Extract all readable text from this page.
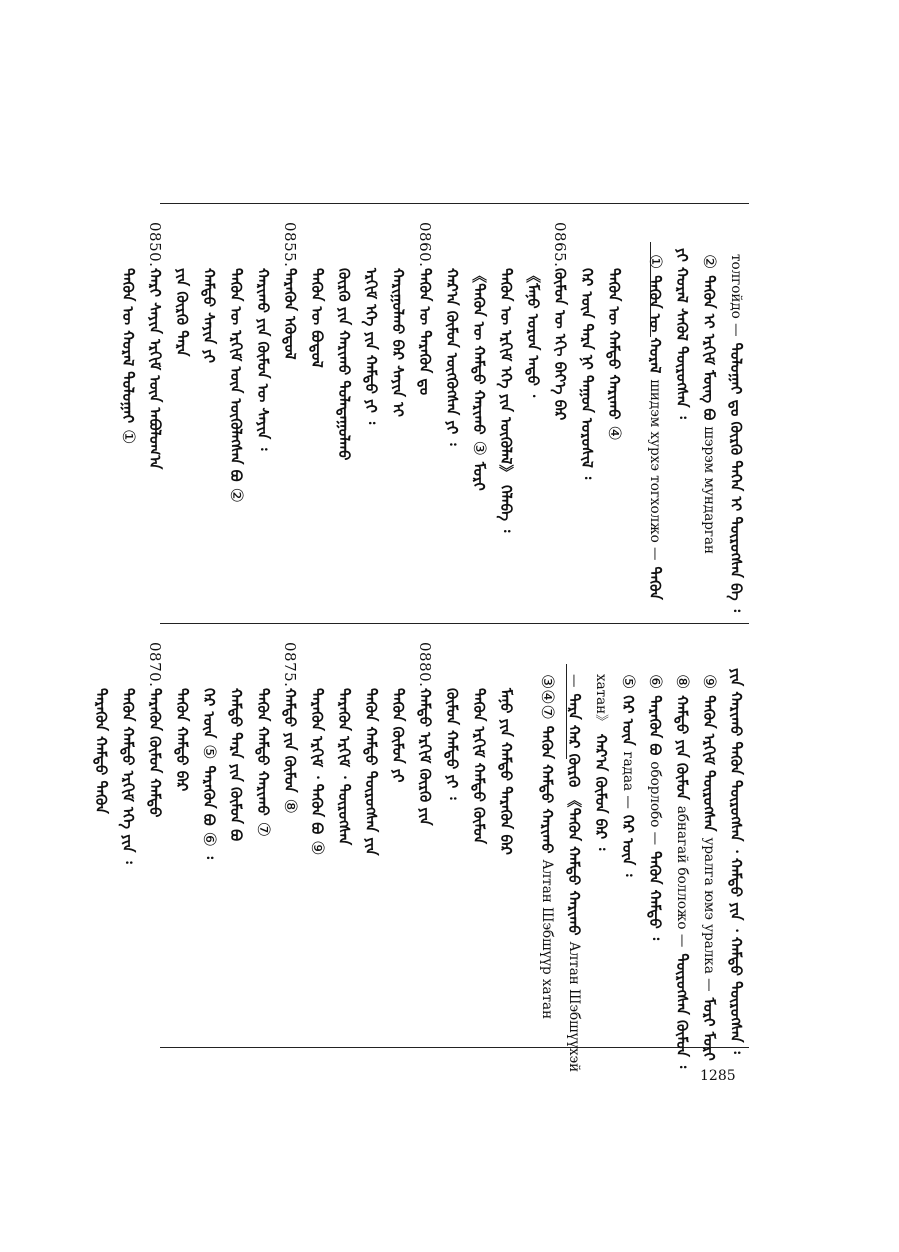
толгойдо —
ᠲᠣᠯᠣᠭᠠᠢ ᠳᠤ ᠬᠦᠷᠬᠦ ᠲᠡᠭᠡᠨ ᠢ ᠲᠦᠷᠦᠭᠰᠡᠨ ᠪᠡ ᠄
②
ᠲᠡᠭᠦᠨ ᠢ ᠡᠷᠬᠢᠮ ᠮᠥᠩ ᠪᠤ
шэрэм мундарган
ᠶᠢ ᠬᠤᠷᠠᠯ ᠰᠡᠭᠦᠯ ᠲᠦᠷᠦᠭᠰᠡᠨ ᠄
①
ᠲᠡᠭᠦᠨ ᠦ ᠬᠤᠷᠠᠯ
шидэм хурхэ тогхолжо —
ᠲᠡᠭᠦᠨ
ᠲᠡᠭᠦᠨ ᠦ ᠬᠠᠮᠲᠤ ᠬᠠᠷᠢᠬᠤ
④
ᠭᠡᠷ ᠦᠨ ᠲᠡᠷᠡ ᠨᠢ ᠳᠠᠭᠤᠨ ᠣᠷᠤᠰᠢᠯ ᠄
0865.
ᠬᠦᠮᠦᠨ ᠦ ᠡᠬᠢ ᠪᠡᠶ᠎ᠡ ᠪᠠᠷ
《ᠮᠠᠨᠤ ᠣᠷᠤᠨ ᠠᠳᠤ ᠂
ᠲᠡᠭᠦᠨ ᠦ ᠡᠷᠬᠢᠮ ᠡᠬᠡ ᠶᠢᠨ ᠥᠭᠦᠯᠡᠯ》 ᠬᠡᠯᠡᠪᠡ ᠄
《ᠲᠡᠭᠦᠨ ᠦ ᠬᠠᠮᠲᠤ ᠬᠠᠷᠢᠬᠤ
③
ᠮᠣᠷᠢ
ᠬᠠᠷ᠎ᠠ ᠬᠦᠮᠦᠨ ᠥᠭᠭᠦᠭᠰᠡᠨ ᠶᠢ ᠄
0860.
ᠲᠡᠭᠦᠨ ᠦ ᠲᠡᠷᠡᠭᠦᠨ ᠳᠤ
ᠬᠠᠷᠢᠭᠤᠯᠬᠤ ᠪᠠᠷ ᠰᠠᠶᠢᠨ ᠢ
ᠡᠷᠬᠢᠮ ᠡᠬᠡ ᠶᠢᠨ ᠬᠠᠮᠲᠤ ᠶᠢ ᠄
ᠬᠦᠷᠬᠦ ᠶᠢᠨ ᠬᠠᠷᠢᠬᠤ ᠲᠤᠯᠠᠳᠠᠭᠤᠯᠬᠤ
ᠲᠡᠭᠦᠨ ᠦ ᠪᠤᠳᠤᠯ
0855.
ᠲᠡᠷᠡᠭᠦᠨ ᠡᠭᠦᠳᠦᠯ
ᠬᠠᠷᠢᠬᠤ ᠶᠢᠨ ᠬᠦᠮᠦᠨ ᠦ ᠰᠠᠶᠢᠨ ᠄
ᠲᠡᠭᠦᠨ ᠦ ᠡᠷᠬᠢᠮ ᠦᠨ ᠥᠭᠦᠯᠡᠭᠰᠡᠨ ᠪᠤ
②
ᠬᠠᠮᠲᠤ ᠰᠠᠶᠢᠨ ᠶᠢ
ᠶᠢᠨ ᠬᠦᠷᠬᠦ ᠲᠡᠷᠡ
0850.
ᠬᠠᠷᠢ ᠰᠠᠶᠢᠨ ᠡᠷᠬᠢᠮ ᠦᠨ ᠠᠪᠤᠯᠤᠭ᠎ᠠ
ᠲᠡᠭᠦᠨ ᠦ ᠬᠤᠷᠠᠯ ᠲᠣᠯᠣᠭᠠᠢ
①
ᠶᠢᠨ ᠬᠠᠷᠢᠬᠤ ᠲᠡᠭᠦᠨ ᠲᠦᠷᠦᠭᠰᠡᠨ ᠂ ᠬᠠᠮᠲᠤ ᠶᠢᠨ ᠂ ᠬᠠᠮᠲᠤ ᠲᠦᠷᠦᠭᠰᠡᠨ ᠄
⑨
ᠲᠡᠭᠦᠨ ᠡᠷᠬᠢᠮ ᠲᠦᠷᠦᠭᠰᠡᠨ
уралга юмэ уралка —
ᠮᠣᠷᠢ ᠮᠣᠷᠢ
⑧
ᠬᠠᠮᠲᠤ ᠶᠢᠨ ᠬᠦᠮᠦᠨ
абнагай болложо —
ᠲᠦᠷᠦᠭᠰᠡᠨ ᠬᠦᠮᠦᠨ ᠄
⑥
ᠲᠡᠷᠡᠭᠦᠨ ᠪᠤ
оборлобо —
ᠲᠡᠭᠦᠨ ᠬᠠᠮᠲᠤ ᠄
⑤
ᠭᠡᠷ ᠦᠨ
гадаа —
ᠭᠡᠷ ᠦᠨ ᠄
хатан》
ᠬᠠᠷ᠎ᠠ ᠬᠦᠮᠦᠨ ᠪᠠᠷ ᠄
—
ᠲᠡᠷᠡ ᠬᠠᠷ ᠬᠦᠷᠬᠦ 《ᠲᠡᠭᠦᠨ ᠬᠠᠮᠲᠤ ᠬᠠᠷᠢᠬᠤ
Алтан Шэбшүүхэй
③④⑦
ᠲᠡᠭᠦᠨ ᠬᠠᠮᠲᠤ ᠬᠠᠷᠢᠬᠤ
Алтан Шэбшүүр хатан
ᠮᠠᠨᠤ ᠶᠢᠨ ᠬᠠᠮᠲᠤ ᠲᠡᠷᠡᠭᠦᠨ ᠪᠠᠷ
ᠲᠡᠭᠦᠨ ᠡᠷᠬᠢᠮ ᠬᠠᠮᠲᠤ ᠬᠦᠮᠦᠨ
ᠬᠦᠮᠦᠨ ᠬᠠᠮᠲᠤ ᠶᠢ ᠄
0880.
ᠬᠠᠮᠲᠤ ᠡᠷᠬᠢᠮ ᠬᠦᠷᠬᠦ ᠶᠢᠨ
ᠲᠡᠭᠦᠨ ᠬᠦᠮᠦᠨ ᠶᠢ
ᠲᠡᠭᠦᠨ ᠬᠠᠮᠲᠤ ᠲᠦᠷᠦᠭᠰᠡᠨ ᠶᠢᠨ
ᠲᠡᠷᠡᠭᠦᠨ ᠡᠷᠬᠢᠮ ᠂ ᠲᠦᠷᠦᠭᠰᠡᠨ
ᠲᠡᠷᠡᠭᠦᠨ ᠡᠷᠬᠢᠮ ᠂ ᠲᠡᠭᠦᠨ ᠪᠤ
⑨
0875.
ᠬᠠᠮᠲᠤ ᠶᠢᠨ ᠬᠦᠮᠦᠨ
⑧
ᠲᠡᠭᠦᠨ ᠬᠠᠮᠲᠤ ᠬᠠᠷᠢᠬᠤ
⑦
ᠬᠠᠮᠲᠤ ᠲᠡᠷᠡ ᠶᠢᠨ ᠬᠦᠮᠦᠨ ᠪᠤ
ᠭᠡᠷ ᠦᠨ
⑤
ᠲᠡᠷᠡᠭᠦᠨ ᠪᠤ
⑥
᠄
ᠲᠡᠭᠦᠨ ᠬᠠᠮᠲᠤ ᠪᠠᠷ
0870.
ᠲᠡᠷᠡᠭᠦᠨ ᠬᠦᠮᠦᠨ ᠬᠠᠮᠲᠤ
ᠲᠡᠭᠦᠨ ᠬᠠᠮᠲᠤ ᠡᠷᠬᠢᠮ ᠡᠬᠡ ᠶᠢᠨ ᠄
ᠲᠡᠷᠡᠭᠦᠨ ᠬᠠᠮᠲᠤ ᠲᠡᠭᠦᠨ
1285
